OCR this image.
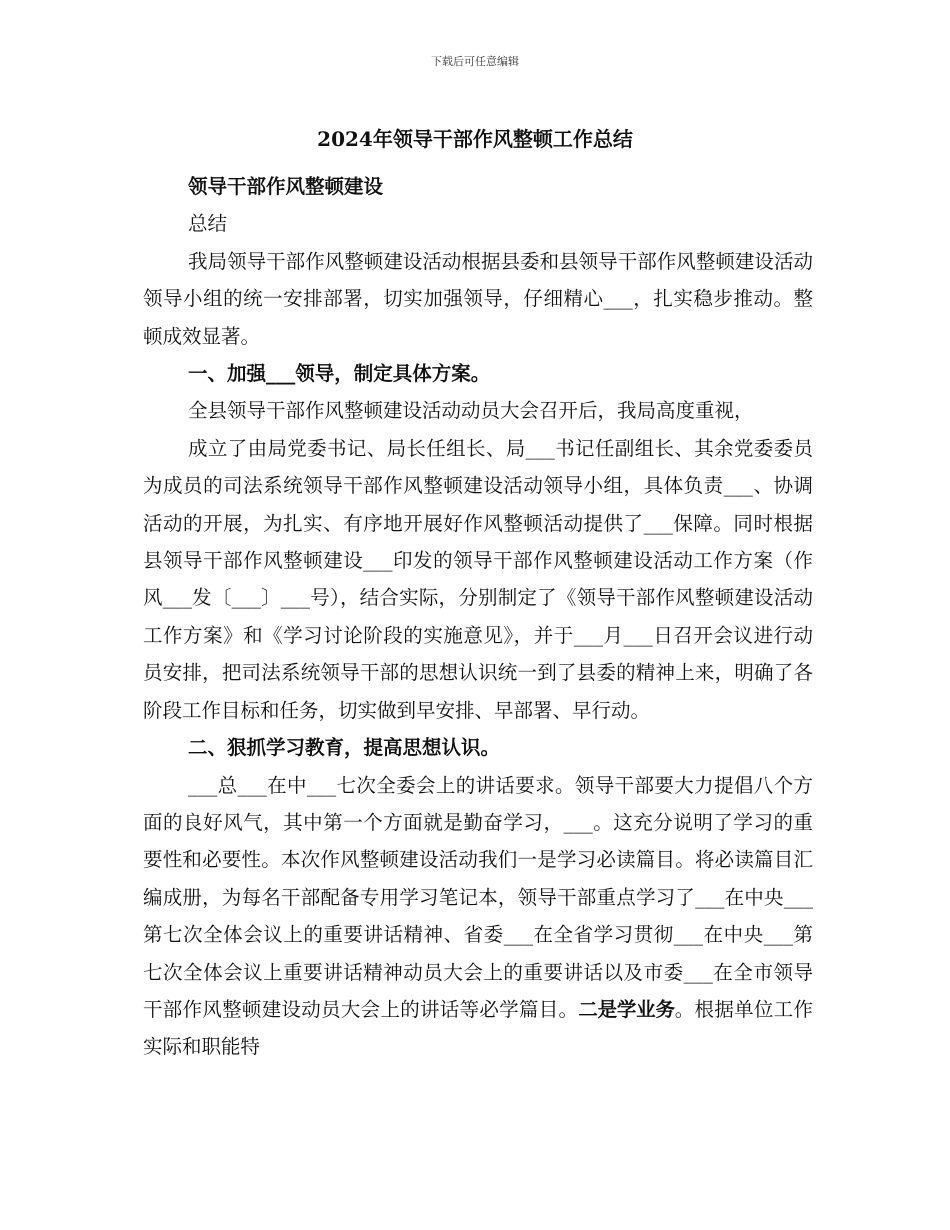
下载后可任意编辑
2024年领导干部作风整顿工作总结

领导干部作风整顿建设

总结

我局领导干部作风整顿建设活动根据县委和县领导干部作风整顿建设活动领导小组的统一安排部署，切实加强领导，仔细精心___，扎实稳步推动。整顿成效显著。

一、加强___领导，制定具体方案。

全县领导干部作风整顿建设活动动员大会召开后，我局高度重视，

成立了由局党委书记、局长任组长、局___书记任副组长、其余党委委员为成员的司法系统领导干部作风整顿建设活动领导小组，具体负责___、协调活动的开展，为扎实、有序地开展好作风整顿活动提供了___保障。同时根据县领导干部作风整顿建设___印发的领导干部作风整顿建设活动工作方案（作风___发〔___〕___号），结合实际，分别制定了《领导干部作风整顿建设活动工作方案》和《学习讨论阶段的实施意见》，并于___月___日召开会议进行动员安排，把司法系统领导干部的思想认识统一到了县委的精神上来，明确了各阶段工作目标和任务，切实做到早安排、早部署、早行动。

二、狠抓学习教育，提高思想认识。

___总___在中___七次全委会上的讲话要求。领导干部要大力提倡八个方面的良好风气，其中第一个方面就是勤奋学习，___。这充分说明了学习的重要性和必要性。本次作风整顿建设活动我们一是学习必读篇目。将必读篇目汇编成册，为每名干部配备专用学习笔记本，领导干部重点学习了___在中央___第七次全体会议上的重要讲话精神、省委___在全省学习贯彻___在中央___第七次全体会议上重要讲话精神动员大会上的重要讲话以及市委___在全市领导干部作风整顿建设动员大会上的讲话等必学篇目。二是学业务。根据单位工作实际和职能特
